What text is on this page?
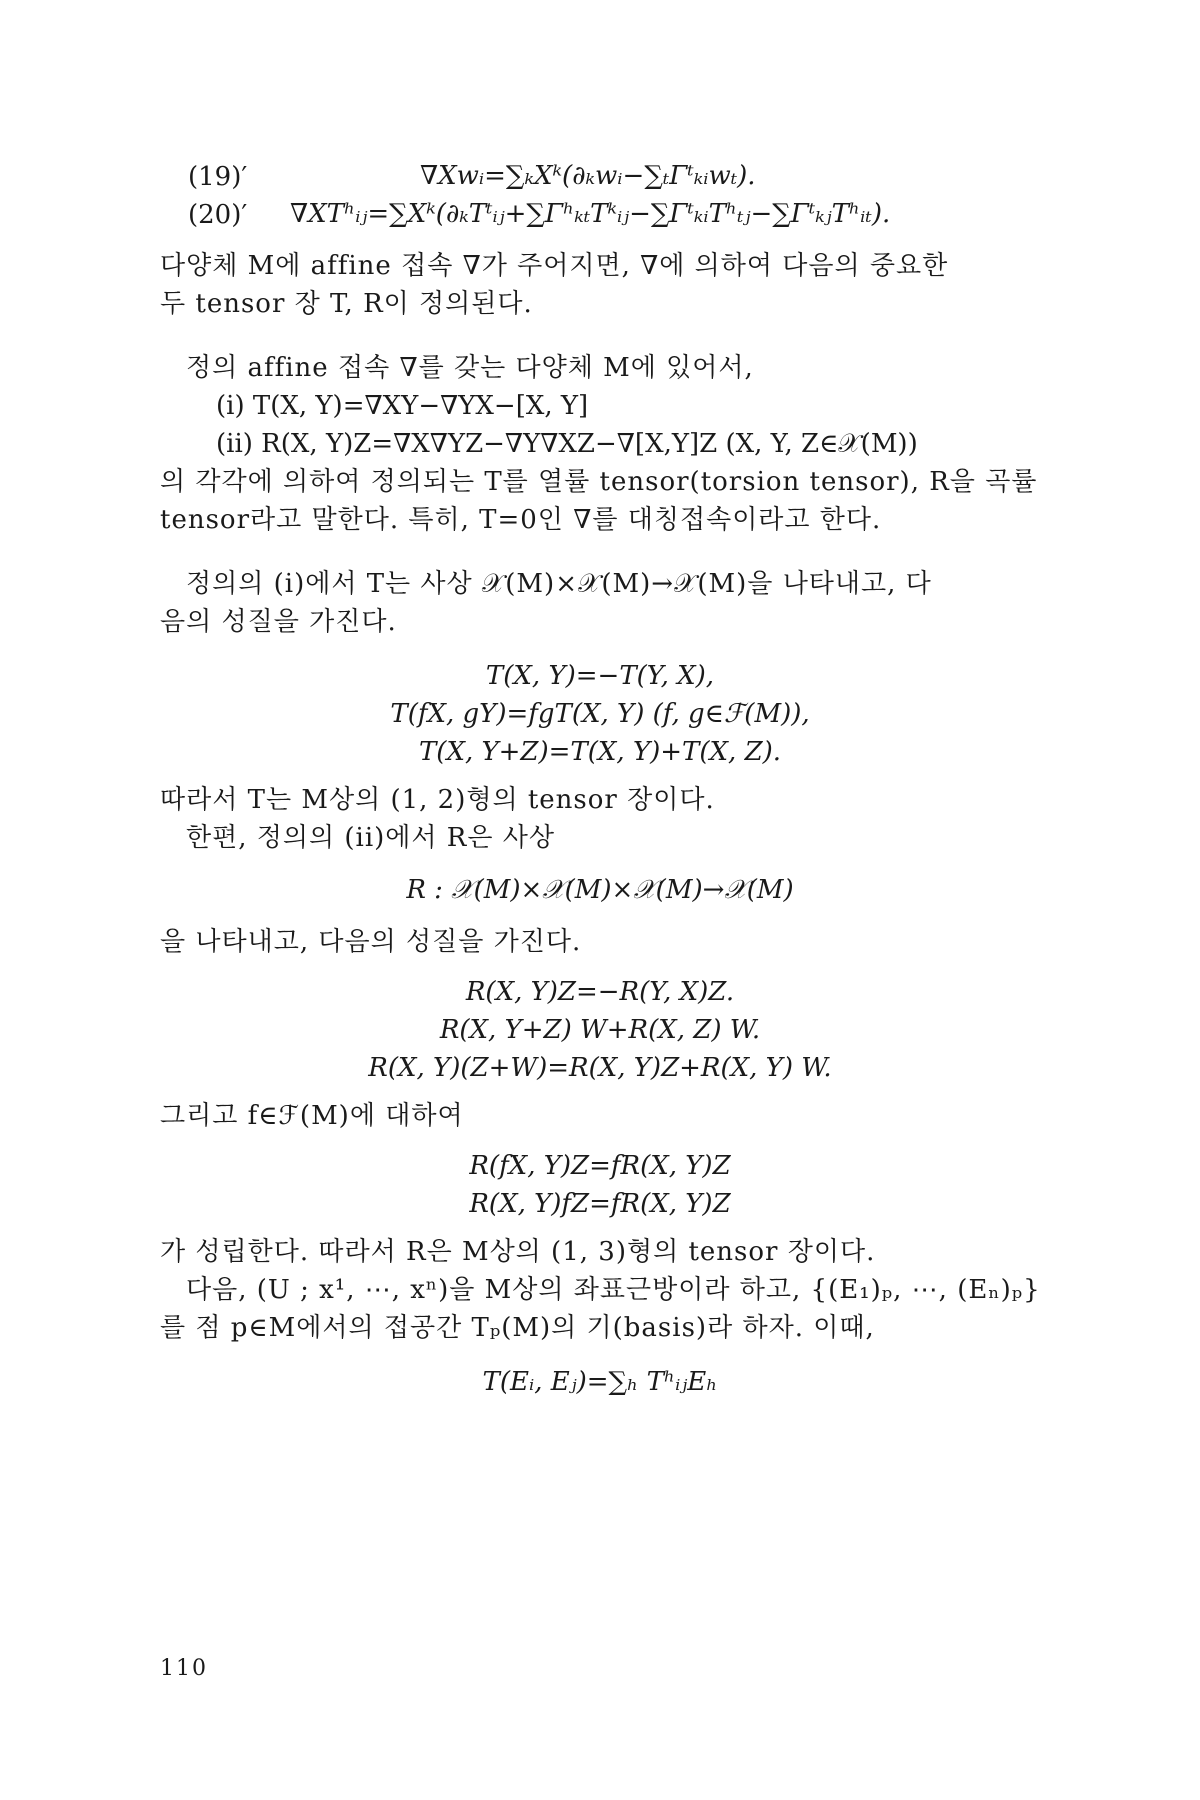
(19)′	∇Xwᵢ=∑ₖXᵏ(∂ₖwᵢ−∑ₜΓᵗₖᵢwₜ).
(20)′ ∇XTʰᵢⱼ=∑Xᵏ(∂ₖTᵗᵢⱼ+∑ΓʰₖₜTᵏᵢⱼ−∑ΓᵗₖᵢTʰₜⱼ−∑ΓᵗₖⱼTʰᵢₜ).
다양체 M에 affine 접속 ∇가 주어지면, ∇에 의하여 다음의 중요한
두 tensor 장 T, R이 정의된다.
정의 affine 접속 ∇를 갖는 다양체 M에 있어서,
(i) T(X, Y)=∇XY−∇YX−[X, Y]
(ii) R(X, Y)Z=∇X∇YZ−∇Y∇XZ−∇[X,Y]Z (X, Y, Z∈𝒳(M))
의 각각에 의하여 정의되는 T를 열률 tensor(torsion tensor), R을 곡률
tensor라고 말한다. 특히, T=0인 ∇를 대칭접속이라고 한다.
정의의 (i)에서 T는 사상 𝒳(M)×𝒳(M)→𝒳(M)을 나타내고, 다
음의 성질을 가진다.
T(X, Y)=−T(Y, X),
T(fX, gY)=fgT(X, Y) (f, g∈ℱ(M)),
T(X, Y+Z)=T(X, Y)+T(X, Z).
따라서 T는 M상의 (1, 2)형의 tensor 장이다.
한편, 정의의 (ii)에서 R은 사상
R : 𝒳(M)×𝒳(M)×𝒳(M)→𝒳(M)
을 나타내고, 다음의 성질을 가진다.
R(X, Y)Z=−R(Y, X)Z.
R(X, Y+Z) W+R(X, Z) W.
R(X, Y)(Z+W)=R(X, Y)Z+R(X, Y) W.
그리고 f∈ℱ(M)에 대하여
R(fX, Y)Z=fR(X, Y)Z
R(X, Y)fZ=fR(X, Y)Z
가 성립한다. 따라서 R은 M상의 (1, 3)형의 tensor 장이다.
다음, (U ; x¹, ⋯, xⁿ)을 M상의 좌표근방이라 하고, {(E₁)ₚ, ⋯, (Eₙ)ₚ}
를 점 p∈M에서의 접공간 Tₚ(M)의 기(basis)라 하자. 이때,
T(Eᵢ, Eⱼ)=∑ₕ TʰᵢⱼEₕ
110
